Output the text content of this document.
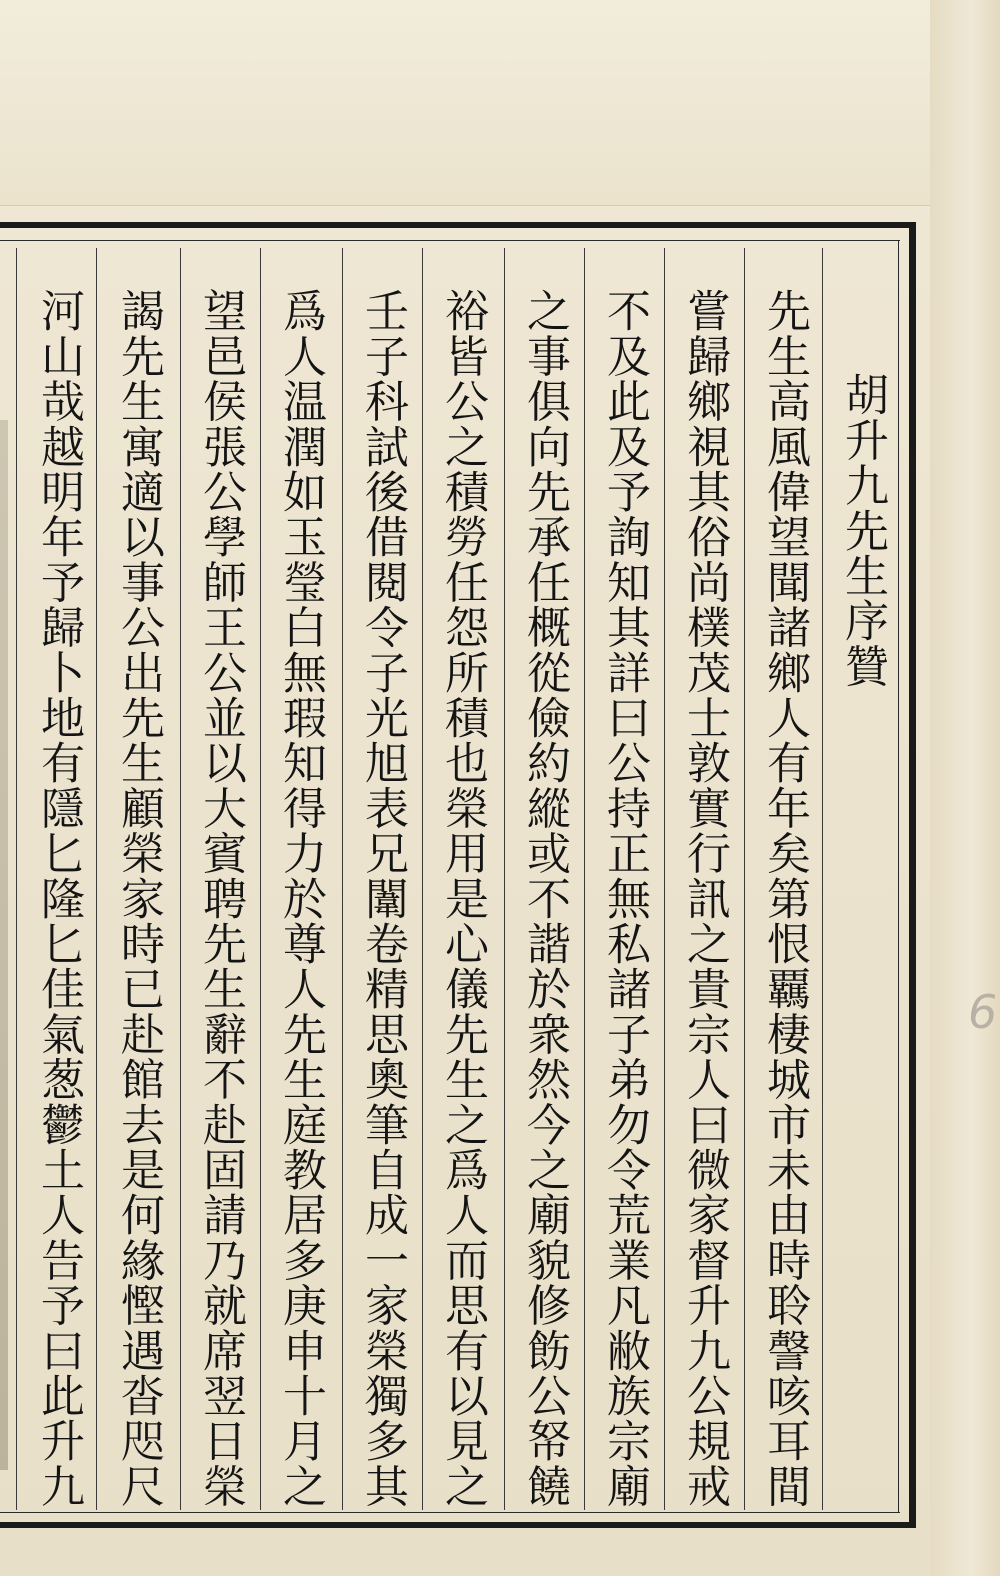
6
胡升九先生序贊
先生高風偉望聞諸鄉人有年矣第恨覊棲城市未由時聆謦咳耳間
嘗歸鄉視其俗尚樸茂士敦實行訊之貴宗人曰微家督升九公規戒
不及此及予詢知其詳曰公持正無私諸子弟勿令荒業凡敝族宗廟
之事俱向先承任概從儉約縱或不諧於衆然今之廟貌修飭公帑饒
裕皆公之積勞任怨所積也榮用是心儀先生之爲人而思有以見之
壬子科試後借閱令子光旭表兄闈卷精思奧筆自成一家榮獨多其
爲人温潤如玉瑩白無瑕知得力於尊人先生庭教居多庚申十月之
望邑侯張公學師王公並以大賓聘先生辭不赴固請乃就席翌日榮
謁先生寓適以事公出先生顧榮家時已赴館去是何緣慳遇沓咫尺
河山哉越明年予歸卜地有隱匕隆匕佳氣葱鬱土人告予曰此升九
